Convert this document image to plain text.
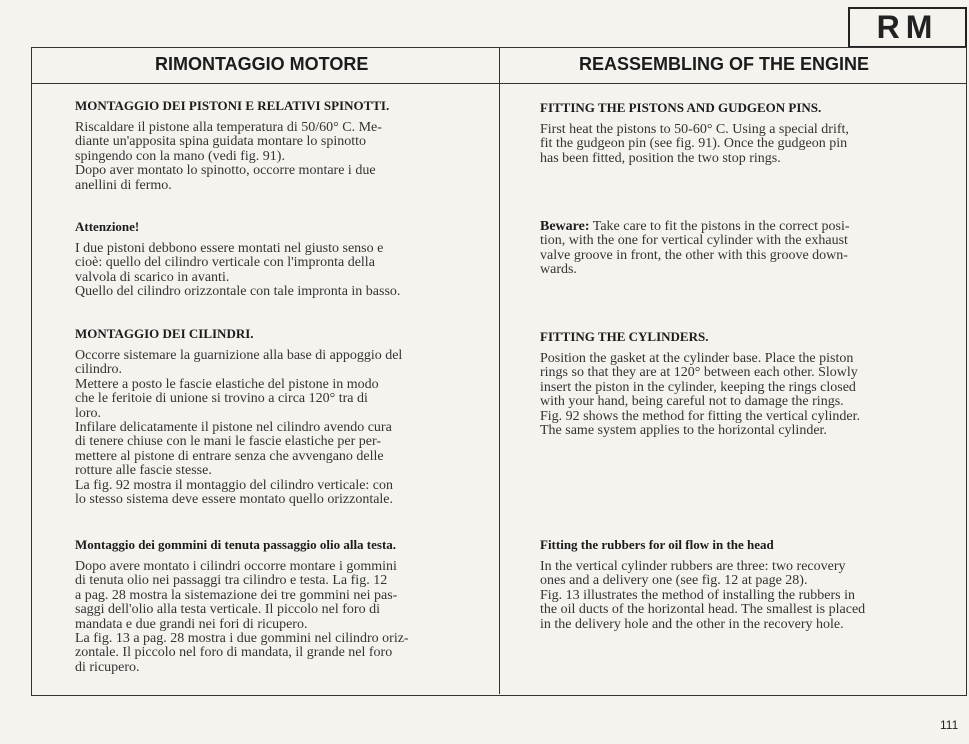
RM
RIMONTAGGIO MOTORE	REASSEMBLING OF THE ENGINE
MONTAGGIO DEI PISTONI E RELATIVI SPINOTTI.
Riscaldare il pistone alla temperatura di 50/60° C. Me-
diante un'apposita spina guidata montare lo spinotto
spingendo con la mano (vedi fig. 91).
Dopo aver montato lo spinotto, occorre montare i due
anellini di fermo.
Attenzione!
I due pistoni debbono essere montati nel giusto senso e
cioè: quello del cilindro verticale con l'impronta della
valvola di scarico in avanti.
Quello del cilindro orizzontale con tale impronta in basso.
MONTAGGIO DEI CILINDRI.
Occorre sistemare la guarnizione alla base di appoggio del
cilindro.
Mettere a posto le fascie elastiche del pistone in modo
che le feritoie di unione si trovino a circa 120° tra di
loro.
Infilare delicatamente il pistone nel cilindro avendo cura
di tenere chiuse con le mani le fascie elastiche per per-
mettere al pistone di entrare senza che avvengano delle
rotture alle fascie stesse.
La fig. 92 mostra il montaggio del cilindro verticale: con
lo stesso sistema deve essere montato quello orizzontale.
Montaggio dei gommini di tenuta passaggio olio alla testa.
Dopo avere montato i cilindri occorre montare i gommini
di tenuta olio nei passaggi tra cilindro e testa. La fig. 12
a pag. 28 mostra la sistemazione dei tre gommini nei pas-
saggi dell'olio alla testa verticale. Il piccolo nel foro di
mandata e due grandi nei fori di ricupero.
La fig. 13 a pag. 28 mostra i due gommini nel cilindro oriz-
zontale. Il piccolo nel foro di mandata, il grande nel foro
di ricupero.
FITTING THE PISTONS AND GUDGEON PINS.
First heat the pistons to 50-60° C. Using a special drift,
fit the gudgeon pin (see fig. 91). Once the gudgeon pin
has been fitted, position the two stop rings.
Beware: Take care to fit the pistons in the correct posi-
tion, with the one for vertical cylinder with the exhaust
valve groove in front, the other with this groove down-
wards.
FITTING THE CYLINDERS.
Position the gasket at the cylinder base. Place the piston
rings so that they are at 120° between each other. Slowly
insert the piston in the cylinder, keeping the rings closed
with your hand, being careful not to damage the rings.
Fig. 92 shows the method for fitting the vertical cylinder.
The same system applies to the horizontal cylinder.
Fitting the rubbers for oil flow in the head
In the vertical cylinder rubbers are three: two recovery
ones and a delivery one (see fig. 12 at page 28).
Fig. 13 illustrates the method of installing the rubbers in
the oil ducts of the horizontal head. The smallest is placed
in the delivery hole and the other in the recovery hole.
111
